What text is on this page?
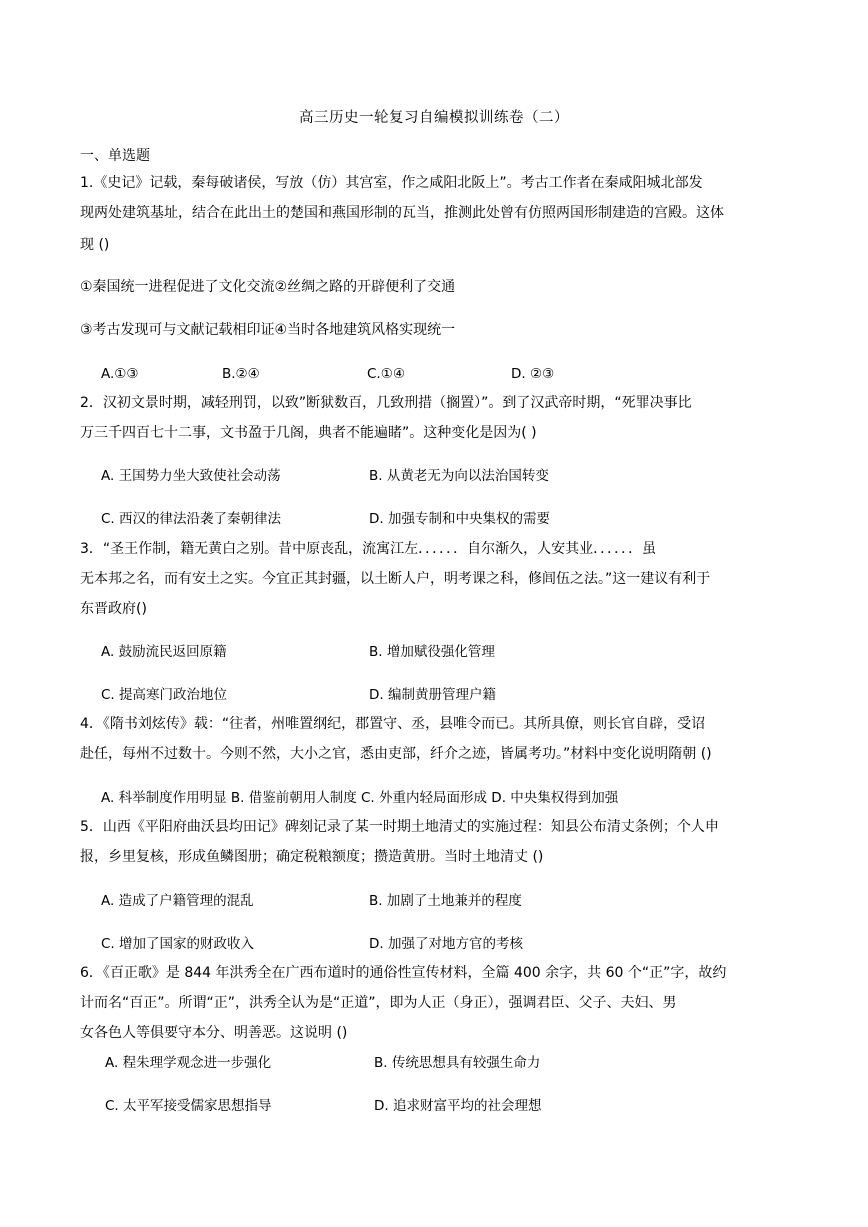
高三历史一轮复习自编模拟训练卷（二）
一、单选题
1.《史记》记载，秦每破诸侯，写放（仿）其宫室，作之咸阳北阪上”。考古工作者在秦咸阳城北部发
现两处建筑基址，结合在此出土的楚国和燕国形制的瓦当，推测此处曾有仿照两国形制建造的宫殿。这体
现 ()
①秦国统一进程促进了文化交流②丝绸之路的开辟便利了交通
③考古发现可与文献记载相印证④当时各地建筑风格实现统一
A.①③	B.②④	C.①④	D. ②③
2．汉初文景时期，减轻刑罚，以致”断狱数百，几致刑措（搁置）”。到了汉武帝时期，“死罪决事比
万三千四百七十二事，文书盈于几阁，典者不能遍睹”。这种变化是因为( )
A. 王国势力坐大致使社会动荡	B. 从黄老无为向以法治国转变
C. 西汉的律法沿袭了秦朝律法	D. 加强专制和中央集权的需要
3．“圣王作制，籍无黄白之别。昔中原丧乱，流寓江左．．．．．．自尔渐久，人安其业．．．．．．虽
无本邦之名，而有安土之实。今宜正其封疆，以土断人户，明考课之科，修闾伍之法。”这一建议有利于
东晋政府()
A. 鼓励流民返回原籍	B. 增加赋役强化管理
C. 提高寒门政治地位	D. 编制黄册管理户籍
4．《隋书刘炫传》载：“往者，州唯置纲纪，郡置守、丞，县唯令而已。其所具僚，则长官自辟，受诏
赴任，每州不过数十。今则不然，大小之官，悉由吏部，纤介之迹，皆属考功。”材料中变化说明隋朝 ()
A. 科举制度作用明显 B. 借鉴前朝用人制度 C. 外重内轻局面形成 D. 中央集权得到加强
5．山西《平阳府曲沃县均田记》碑刻记录了某一时期土地清丈的实施过程：知县公布清丈条例；个人申
报，乡里复核，形成鱼鳞图册；确定税粮额度；攒造黄册。当时土地清丈 ()
A. 造成了户籍管理的混乱	B. 加剧了土地兼并的程度
C. 增加了国家的财政收入	D. 加强了对地方官的考核
6．《百正歌》是 844 年洪秀全在广西布道时的通俗性宣传材料，全篇 400 余字，共 60 个“正”字，故约
计而名“百正”。所谓“正”，洪秀全认为是“正道”，即为人正（身正），强调君臣、父子、夫妇、男
女各色人等俱要守本分、明善恶。这说明 ()
A. 程朱理学观念进一步强化	B. 传统思想具有较强生命力
C. 太平军接受儒家思想指导	D. 追求财富平均的社会理想
